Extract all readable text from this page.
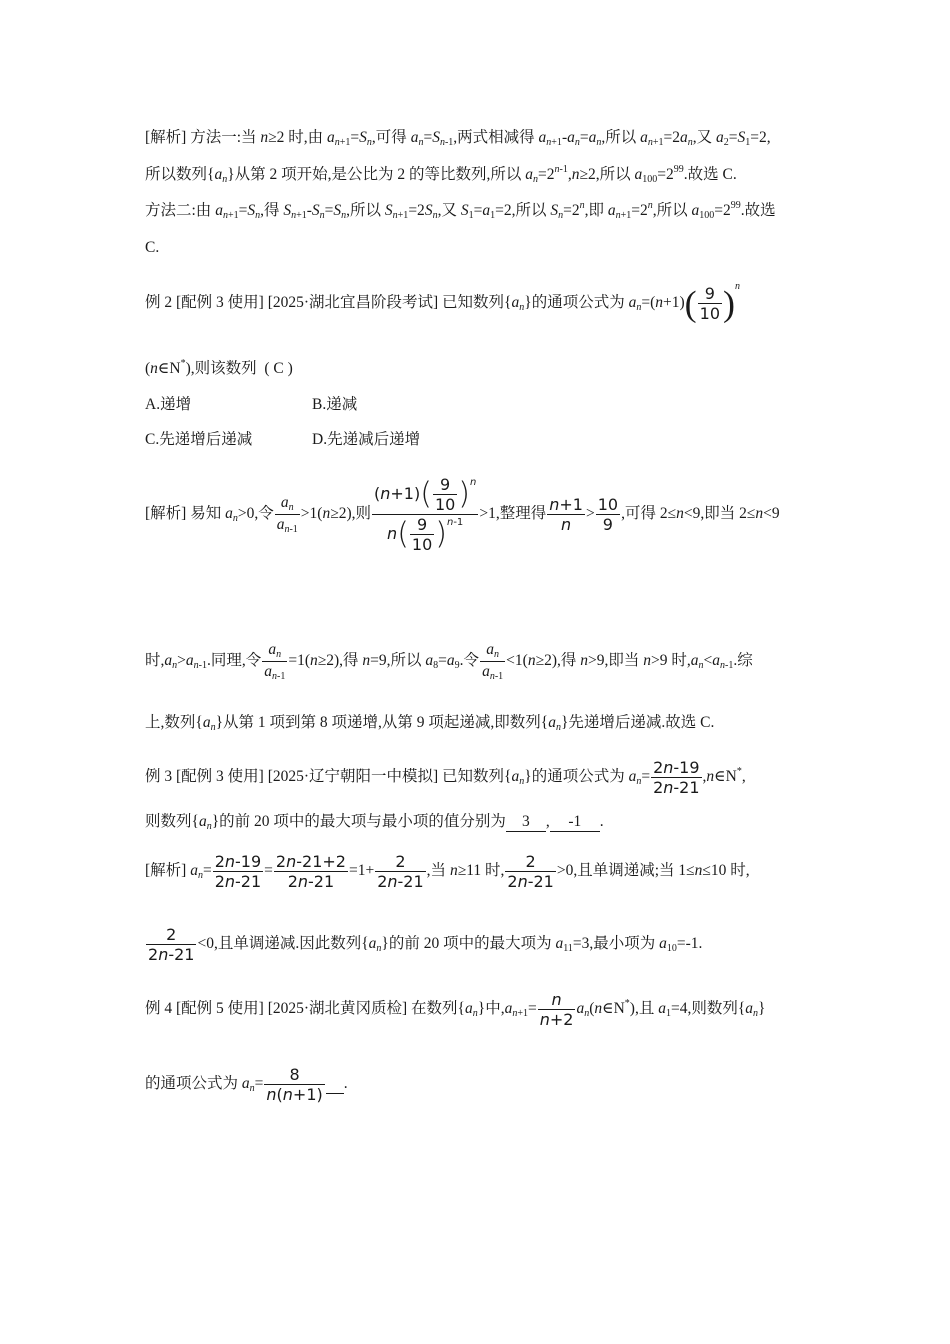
[解析] 方法一:当 n≥2 时,由 an+1=Sn,可得 an=Sn-1,两式相减得 an+1-an=an,所以 an+1=2an,又 a2=S1=2,
所以数列{an}从第 2 项开始,是公比为 2 的等比数列,所以 $an=2^{n-1},n\ge 2$,所以 $a100=2^{99}$.故选 C.
方法二:由 an+1=Sn,得 Sn+1-Sn=Sn,所以 Sn+1=2Sn,又 S1=a1=2,所以 $Sn=2^n$,即 $an+1=2^n$,所以 $a100=2^{99}$.故选
C.
例 2 [配例 3 使用] [2025·湖北宜昌阶段考试] 已知数列{an}的通项公式为 $an=(n+1)( \frac{9}{10} )^n$
(n∈N*),则该数列  ( C )
A.递增	B.递减
C.先递增后递减	D.先递减后递增
[解析] 易知 an>0,令 $\frac{an}{an-1} >1(n\ge 2)$,则 $\frac{(n+1)( \frac{9}{10} )^n}{n( \frac{9}{10} )^{n-1}} >1$,整理得 $\frac{n+1}{n} > \frac{10}{9}$ ,可得 2≤n<9,即当 2≤n<9
时,an>an-1.同理,令 $\frac{an}{an-1} =1(n\ge 2)$,得 n=9,所以 a8=a9.令 $\frac{an}{an-1} <1(n\ge 2)$,得 n>9,即当 n>9 时,an<an-1.综
上,数列{an}从第 1 项到第 8 项递增,从第 9 项起递减,即数列{an}先递增后递减.故选 C.
例 3 [配例 3 使用] [2025·辽宁朝阳一中模拟] 已知数列{an}的通项公式为 $an= \frac{2n-19}{2n-21}$ ,n∈N*,
则数列{an}的前 20 项中的最大项与最小项的值分别为 3 , -1 .
[解析] $an= \frac{2n-19}{2n-21} = \frac{2n-21+2}{2n-21} =1+ \frac{2}{2n-21}$ ,当 n≥11 时, $\frac{2}{2n-21} >0$,且单调递减;当 1≤n≤10 时,
$\frac{2}{2n-21} <0$,且单调递减.因此数列{an}的前 20 项中的最大项为 a11=3,最小项为 a10=-1.
例 4 [配例 5 使用] [2025·湖北黄冈质检] 在数列{an}中$,an+1= \frac{n}{n+2}$ an(n∈N*),且 a1=4,则数列{an}
的通项公式为 $an= \frac{8}{n(n+1)}$ .
